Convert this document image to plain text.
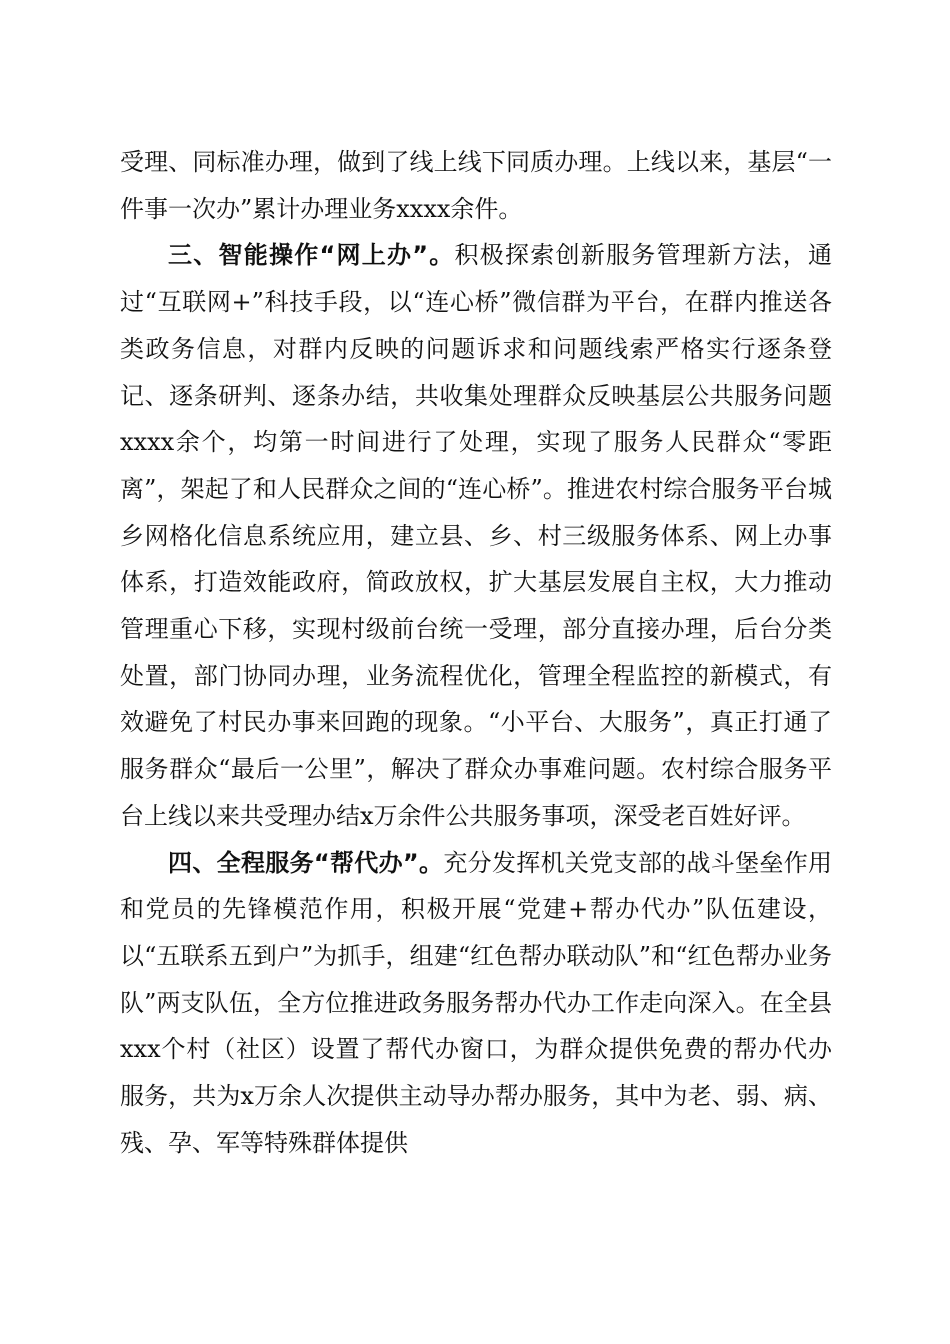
受理、同标准办理，做到了线上线下同质办理。上线以来，基层“一件事一次办”累计办理业务xxxx余件。

三、智能操作“网上办”。积极探索创新服务管理新方法，通过“互联网+”科技手段，以“连心桥”微信群为平台，在群内推送各类政务信息，对群内反映的问题诉求和问题线索严格实行逐条登记、逐条研判、逐条办结，共收集处理群众反映基层公共服务问题xxxx余个，均第一时间进行了处理，实现了服务人民群众“零距离”，架起了和人民群众之间的“连心桥”。推进农村综合服务平台城乡网格化信息系统应用，建立县、乡、村三级服务体系、网上办事体系，打造效能政府，简政放权，扩大基层发展自主权，大力推动管理重心下移，实现村级前台统一受理，部分直接办理，后台分类处置，部门协同办理，业务流程优化，管理全程监控的新模式，有效避免了村民办事来回跑的现象。“小平台、大服务”，真正打通了服务群众“最后一公里”，解决了群众办事难问题。农村综合服务平台上线以来共受理办结x万余件公共服务事项，深受老百姓好评。

四、全程服务“帮代办”。充分发挥机关党支部的战斗堡垒作用和党员的先锋模范作用，积极开展“党建+帮办代办”队伍建设，以“五联系五到户”为抓手，组建“红色帮办联动队”和“红色帮办业务队”两支队伍，全方位推进政务服务帮办代办工作走向深入。在全县xxx个村（社区）设置了帮代办窗口，为群众提供免费的帮办代办服务，共为x万余人次提供主动导办帮办服务，其中为老、弱、病、残、孕、军等特殊群体提供
